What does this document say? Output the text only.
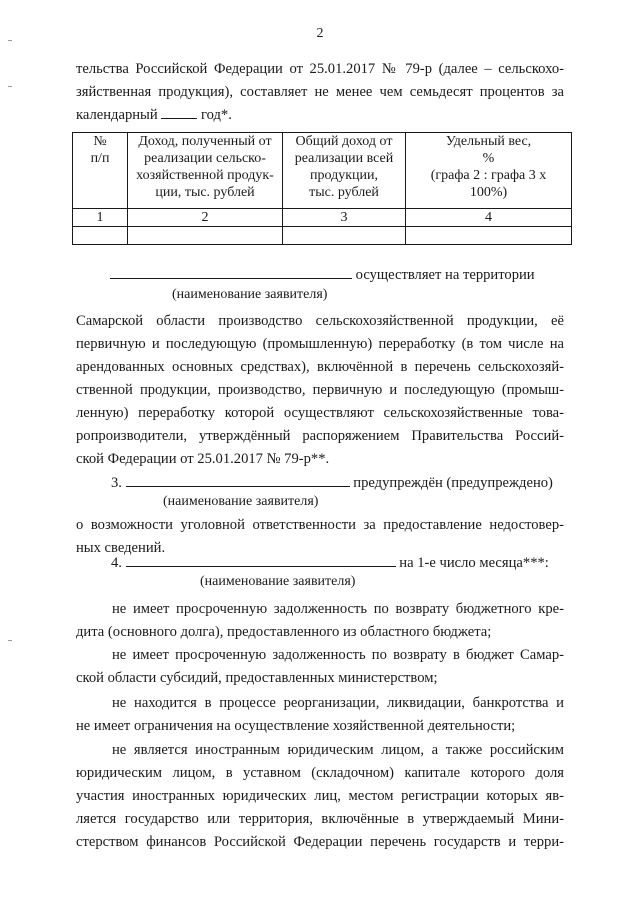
2
тельства Российской Федерации от 25.01.2017 № 79-р (далее – сельскохо-
зяйственная продукция), составляет не менее чем семьдесят процентов за
календарный	год*.
№
п/п	Доход, полученный от
реализации сельско-
хозяйственной продук-
ции, тыс. рублей	Общий доход от
реализации всей
продукции,
тыс. рублей	Удельный вес,
%
(графа 2 : графа 3 х
100%)
1	2	3	4

осуществляет на территории
(наименование заявителя)
Самарской области производство сельскохозяйственной продукции, её
первичную и последующую (промышленную) переработку (в том числе на
арендованных основных средствах), включённой в перечень сельскохозяй-
ственной продукции, производство, первичную и последующую (промыш-
ленную) переработку которой осуществляют сельскохозяйственные това-
ропроизводители, утверждённый распоряжением Правительства Россий-
ской Федерации от 25.01.2017 № 79-р**.
3.	предупреждён (предупреждено)
(наименование заявителя)
о возможности уголовной ответственности за предоставление недостовер-
ных сведений.
4.	на 1-е число месяца***:
(наименование заявителя)
не имеет просроченную задолженность по возврату бюджетного кре-
дита (основного долга), предоставленного из областного бюджета;
не имеет просроченную задолженность по возврату в бюджет Самар-
ской области субсидий, предоставленных министерством;
не находится в процессе реорганизации, ликвидации, банкротства и
не имеет ограничения на осуществление хозяйственной деятельности;
не является иностранным юридическим лицом, а также российским
юридическим лицом, в уставном (складочном) капитале которого доля
участия иностранных юридических лиц, местом регистрации которых яв-
ляется государство или территория, включённые в утверждаемый Мини-
стерством финансов Российской Федерации перечень государств и терри-
